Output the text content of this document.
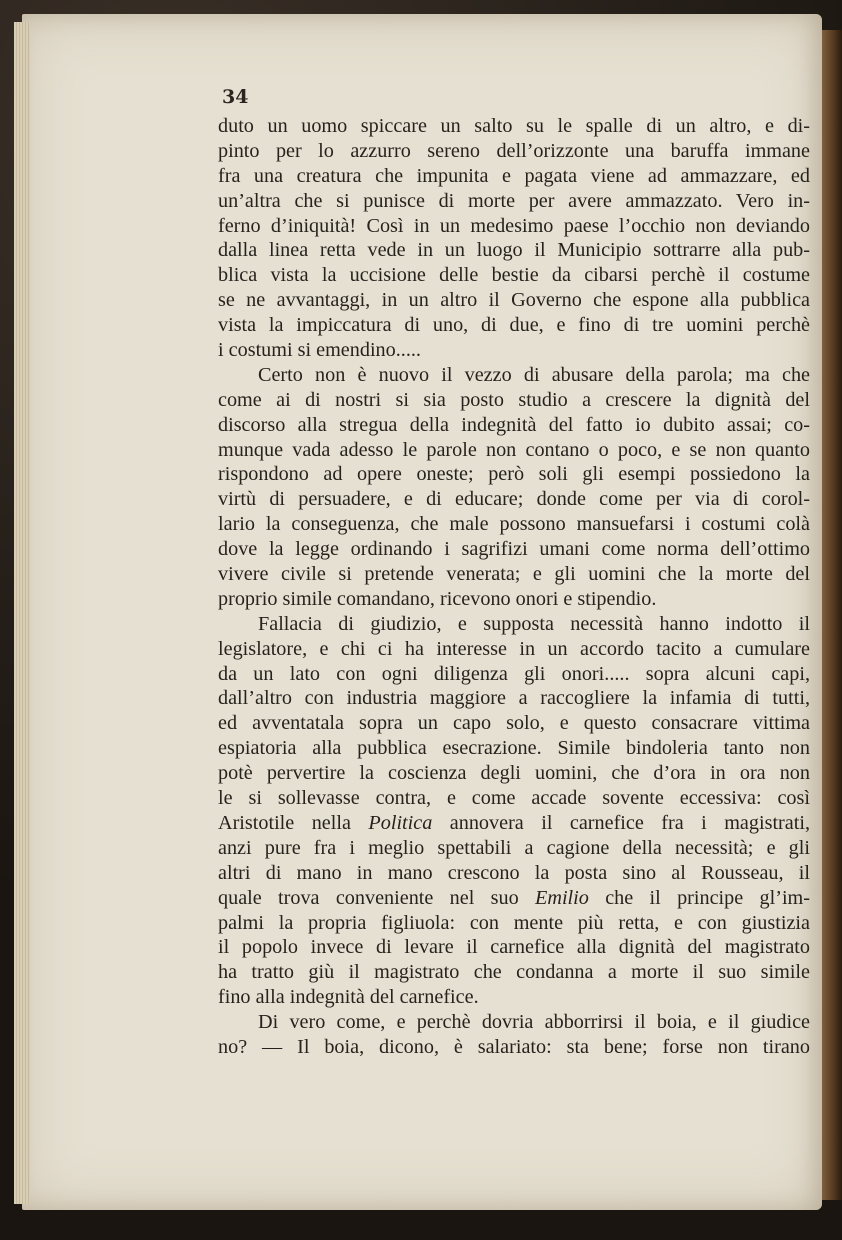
34

duto un uomo spiccare un salto su le spalle di un altro, e di-
pinto per lo azzurro sereno dell’orizzonte una baruffa immane
fra una creatura che impunita e pagata viene ad ammazzare, ed
un’altra che si punisce di morte per avere ammazzato. Vero in-
ferno d’iniquità! Così in un medesimo paese l’occhio non deviando
dalla linea retta vede in un luogo il Municipio sottrarre alla pub-
blica vista la uccisione delle bestie da cibarsi perchè il costume
se ne avvantaggi, in un altro il Governo che espone alla pubblica
vista la impiccatura di uno, di due, e fino di tre uomini perchè
i costumi si emendino.....
Certo non è nuovo il vezzo di abusare della parola; ma che
come ai di nostri si sia posto studio a crescere la dignità del
discorso alla stregua della indegnità del fatto io dubito assai; co-
munque vada adesso le parole non contano o poco, e se non quanto
rispondono ad opere oneste; però soli gli esempi possiedono la
virtù di persuadere, e di educare; donde come per via di corol-
lario la conseguenza, che male possono mansuefarsi i costumi colà
dove la legge ordinando i sagrifizi umani come norma dell’ottimo
vivere civile si pretende venerata; e gli uomini che la morte del
proprio simile comandano, ricevono onori e stipendio.
Fallacia di giudizio, e supposta necessità hanno indotto il
legislatore, e chi ci ha interesse in un accordo tacito a cumulare
da un lato con ogni diligenza gli onori..... sopra alcuni capi,
dall’altro con industria maggiore a raccogliere la infamia di tutti,
ed avventatala sopra un capo solo, e questo consacrare vittima
espiatoria alla pubblica esecrazione. Simile bindoleria tanto non
potè pervertire la coscienza degli uomini, che d’ora in ora non
le si sollevasse contra, e come accade sovente eccessiva: così
Aristotile nella Politica annovera il carnefice fra i magistrati,
anzi pure fra i meglio spettabili a cagione della necessità; e gli
altri di mano in mano crescono la posta sino al Rousseau, il
quale trova conveniente nel suo Emilio che il principe gl’im-
palmi la propria figliuola: con mente più retta, e con giustizia
il popolo invece di levare il carnefice alla dignità del magistrato
ha tratto giù il magistrato che condanna a morte il suo simile
fino alla indegnità del carnefice.
Di vero come, e perchè dovria abborrirsi il boia, e il giudice
no? — Il boia, dicono, è salariato: sta bene; forse non tirano
